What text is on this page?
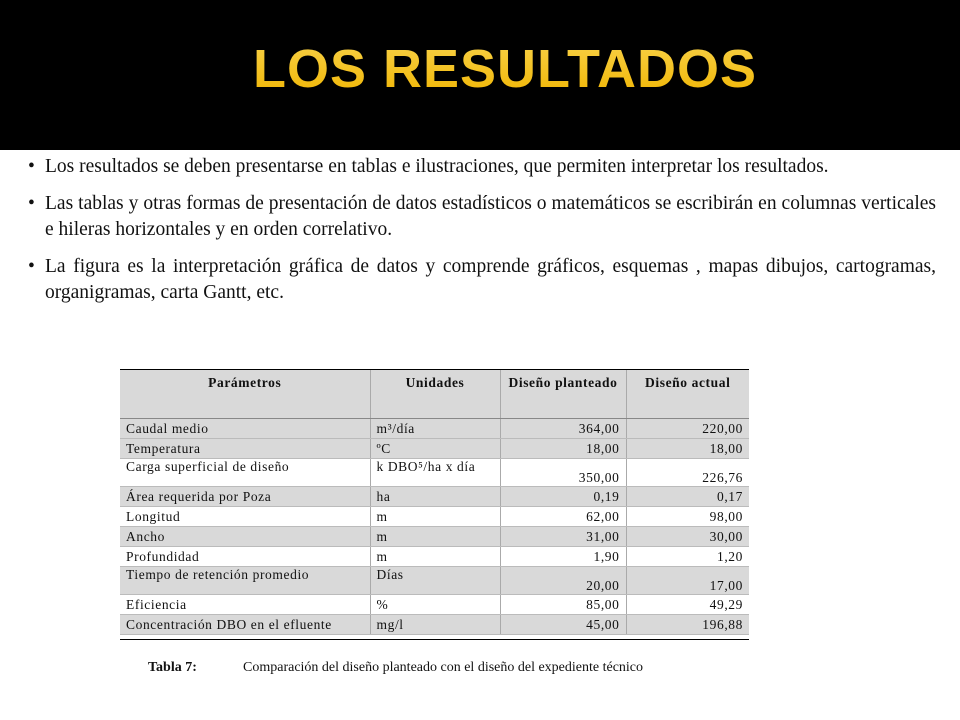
LOS RESULTADOS
• Los resultados se deben presentarse en tablas e ilustraciones, que permiten interpretar los resultados.
• Las tablas y otras formas de presentación de datos estadísticos o matemáticos se escribirán en columnas verticales e hileras horizontales y en orden correlativo.
• La figura es la interpretación gráfica de datos y comprende gráficos, esquemas , mapas dibujos, cartogramas, organigramas, carta Gantt, etc.
Parámetros	Unidades	Diseño planteado	Diseño actual
Caudal medio	m³/día	364,00	220,00
Temperatura	ºC	18,00	18,00
Carga superficial de diseño	k DBO⁵/ha x día	350,00	226,76
Área requerida por Poza	ha	0,19	0,17
Longitud	m	62,00	98,00
Ancho	m	31,00	30,00
Profundidad	m	1,90	1,20
Tiempo de retención promedio	Días	20,00	17,00
Eficiencia	%	85,00	49,29
Concentración DBO en el efluente	mg/l	45,00	196,88
Tabla 7:	Comparación del diseño planteado con el diseño del expediente técnico
